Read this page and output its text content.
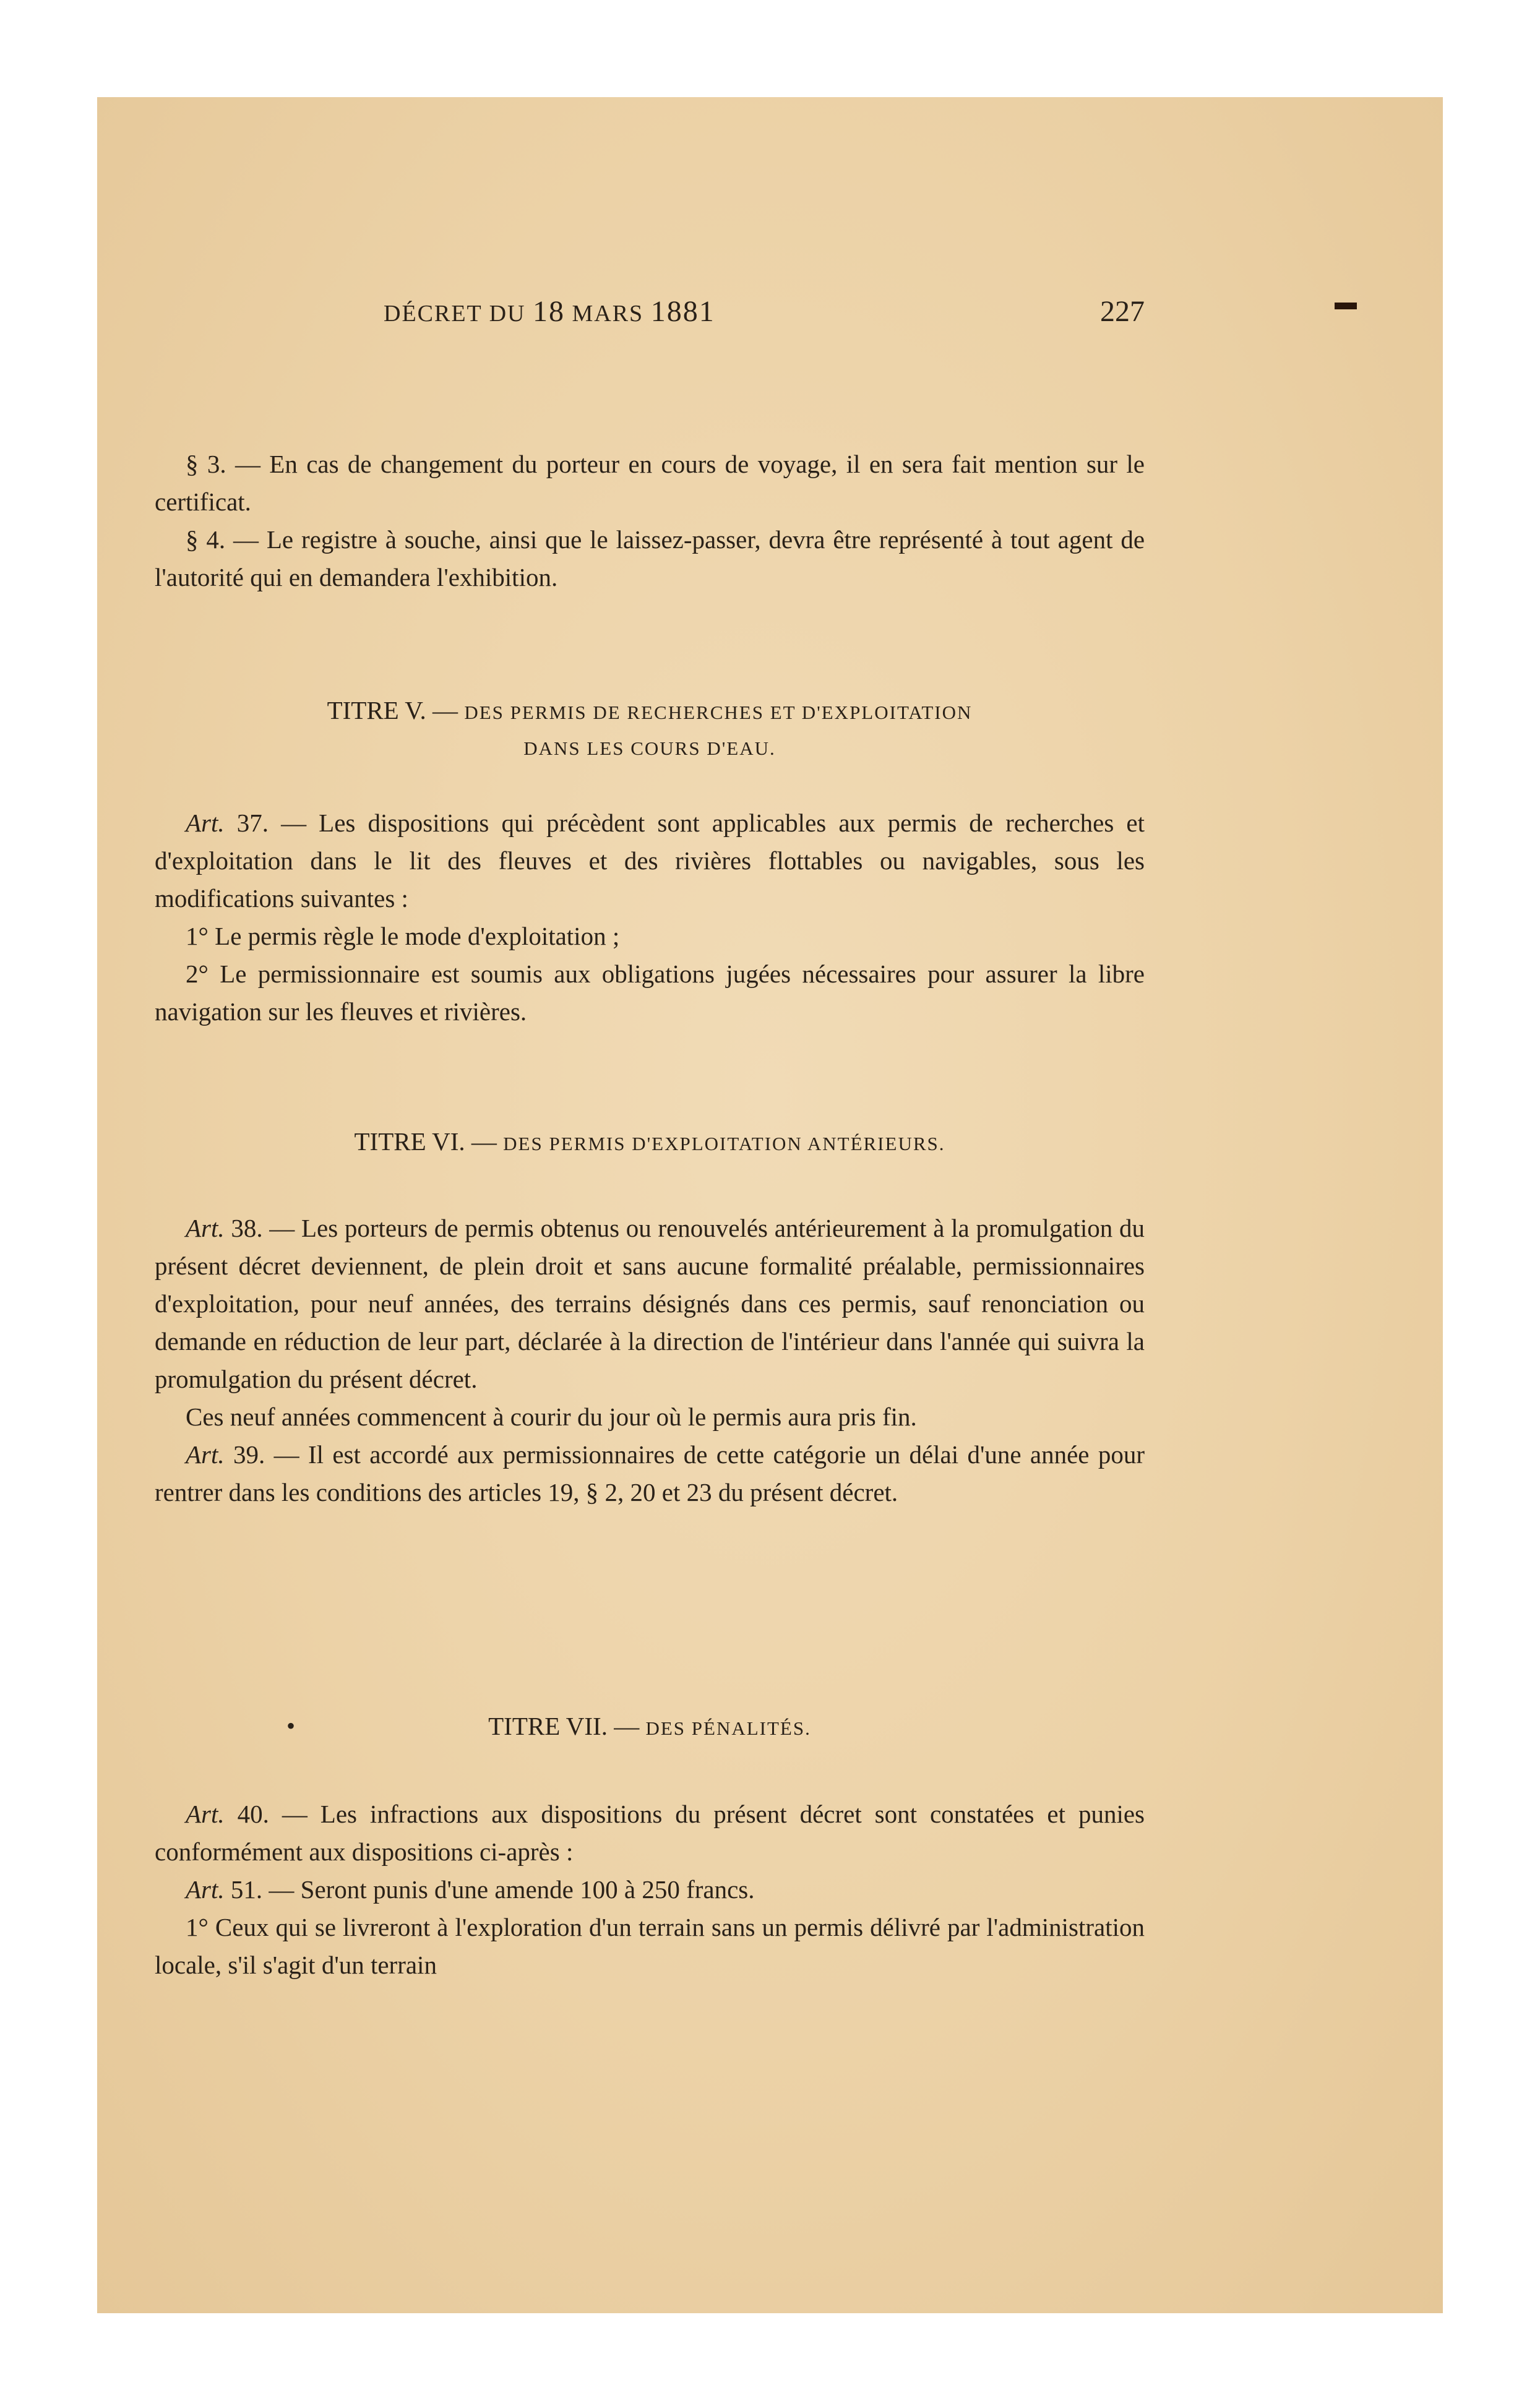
DÉCRET DU 18 MARS 1881	227

§ 3. — En cas de changement du porteur en cours de voyage, il en sera fait mention sur le certificat.

§ 4. — Le registre à souche, ainsi que le laissez-passer, devra être représenté à tout agent de l'autorité qui en demandera l'exhibition.

TITRE V. — DES PERMIS DE RECHERCHES ET D'EXPLOITATION

DANS LES COURS D'EAU.

Art. 37. — Les dispositions qui précèdent sont applicables aux permis de recherches et d'exploitation dans le lit des fleuves et des rivières flottables ou navigables, sous les modifications suivantes :

1° Le permis règle le mode d'exploitation ;

2° Le permissionnaire est soumis aux obligations jugées nécessaires pour assurer la libre navigation sur les fleuves et rivières.

TITRE VI. — DES PERMIS D'EXPLOITATION ANTÉRIEURS.

Art. 38. — Les porteurs de permis obtenus ou renouvelés antérieurement à la promulgation du présent décret deviennent, de plein droit et sans aucune formalité préalable, permissionnaires d'exploitation, pour neuf années, des terrains désignés dans ces permis, sauf renonciation ou demande en réduction de leur part, déclarée à la direction de l'intérieur dans l'année qui suivra la promulgation du présent décret.

Ces neuf années commencent à courir du jour où le permis aura pris fin.

Art. 39. — Il est accordé aux permissionnaires de cette catégorie un délai d'une année pour rentrer dans les conditions des articles 19, § 2, 20 et 23 du présent décret.

•	TITRE VII. — DES PÉNALITÉS.

Art. 40. — Les infractions aux dispositions du présent décret sont constatées et punies conformément aux dispositions ci-après :

Art. 51. — Seront punis d'une amende 100 à 250 francs.

1° Ceux qui se livreront à l'exploration d'un terrain sans un permis délivré par l'administration locale, s'il s'agit d'un terrain
